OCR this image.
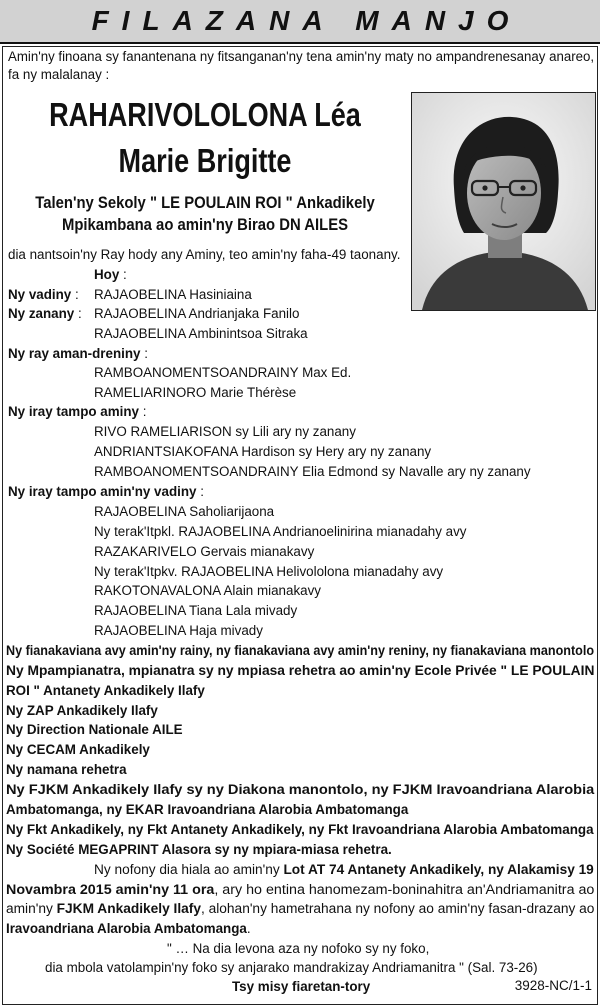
FILAZANA MANJO
Amin'ny finoana sy fanantenana ny fitsanganan'ny tena amin'ny maty no ampandrenesanay anareo,
fa ny malalanay :
RAHARIVOLOLONA Léa
Marie Brigitte
Talen'ny Sekoly " LE POULAIN ROI " Ankadikely
Mpikambana ao amin'ny Birao DN AILES
dia nantsoin'ny Ray hody any Aminy, teo amin'ny faha-49 taonany.
Hoy :
Ny vadiny : RAJAOBELINA Hasiniaina
Ny zanany : RAJAOBELINA Andrianjaka Fanilo
RAJAOBELINA Ambinintsoa Sitraka
Ny ray aman-dreniny :
RAMBOANOMENTSOANDRAINY Max Ed.
RAMELIARINORO Marie Thérèse
Ny iray tampo aminy :
RIVO RAMELIARISON sy Lili ary ny zanany
ANDRIANTSIAKOFANA Hardison sy Hery ary ny zanany
RAMBOANOMENTSOANDRAINY Elia Edmond sy Navalle ary ny zanany
Ny iray tampo amin'ny vadiny :
RAJAOBELINA Saholiarijaona
Ny terak'Itpkl. RAJAOBELINA Andrianoelinirina mianadahy avy
RAZAKARIVELO Gervais mianakavy
Ny terak'Itpkv. RAJAOBELINA Helivololona mianadahy avy
RAKOTONAVALONA Alain mianakavy
RAJAOBELINA Tiana Lala mivady
RAJAOBELINA Haja mivady
Ny fianakaviana avy amin'ny rainy, ny fianakaviana avy amin'ny reniny, ny fianakaviana manontolo
Ny Mpampianatra, mpianatra sy ny mpiasa rehetra ao amin'ny Ecole Privée " LE POULAIN
ROI " Antanety Ankadikely Ilafy
Ny ZAP Ankadikely Ilafy
Ny Direction Nationale AILE
Ny CECAM Ankadikely
Ny namana rehetra
Ny FJKM Ankadikely Ilafy sy ny Diakona manontolo, ny FJKM Iravoandriana Alarobia
Ambatomanga, ny EKAR Iravoandriana Alarobia Ambatomanga
Ny Fkt Ankadikely, ny Fkt Antanety Ankadikely, ny Fkt Iravoandriana Alarobia Ambatomanga
Ny Société MEGAPRINT Alasora sy ny mpiara-miasa rehetra.
Ny nofony dia hiala ao amin'ny Lot AT 74 Antanety Ankadikely, ny Alakamisy 19
Novambra 2015 amin'ny 11 ora, ary ho entina hanomezam-boninahitra an'Andriamanitra ao
amin'ny FJKM Ankadikely Ilafy, alohan'ny hametrahana ny nofony ao amin'ny fasan-drazany ao
Iravoandriana Alarobia Ambatomanga.
" … Na dia levona aza ny nofoko sy ny foko,
dia mbola vatolampin'ny foko sy anjarako mandrakizay Andriamanitra " (Sal. 73-26)
Tsy misy fiaretan-tory	3928-NC/1-1
